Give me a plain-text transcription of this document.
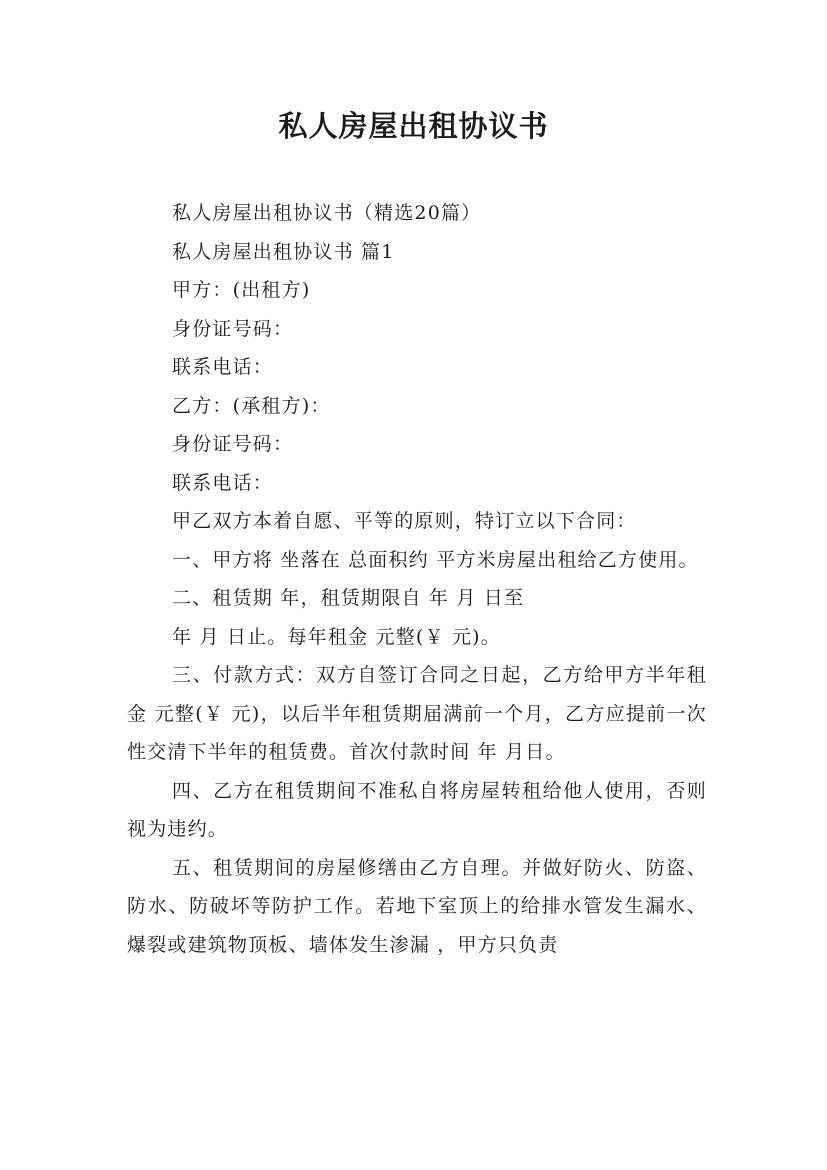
私人房屋出租协议书
私人房屋出租协议书（精选20篇）
私人房屋出租协议书 篇1
甲方：(出租方)
身份证号码：
联系电话：
乙方：(承租方)：
身份证号码：
联系电话：
甲乙双方本着自愿、平等的原则，特订立以下合同：
一、甲方将 坐落在 总面积约 平方米房屋出租给乙方使用。
二、租赁期 年，租赁期限自 年 月 日至
年 月 日止。每年租金 元整(￥ 元)。
三、付款方式：双方自签订合同之日起，乙方给甲方半年租金 元整(￥ 元)，以后半年租赁期届满前一个月，乙方应提前一次性交清下半年的租赁费。首次付款时间 年 月日。
四、乙方在租赁期间不准私自将房屋转租给他人使用，否则视为违约。
五、租赁期间的房屋修缮由乙方自理。并做好防火、防盗、防水、防破坏等防护工作。若地下室顶上的给排水管发生漏水、爆裂或建筑物顶板、墙体发生渗漏 ，甲方只负责
